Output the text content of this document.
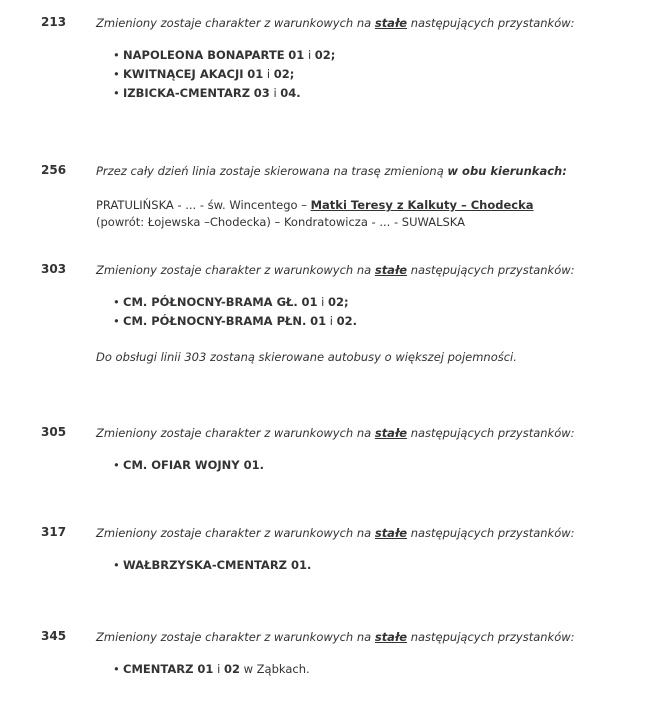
213	Zmieniony zostaje charakter z warunkowych na stałe następujących przystanków:

• NAPOLEONA BONAPARTE 01 i 02;
• KWITNĄCEJ AKACJI 01 i 02;
• IZBICKA-CMENTARZ 03 i 04.
256	Przez cały dzień linia zostaje skierowana na trasę zmienioną w obu kierunkach:

PRATULIŃSKA - ... - św. Wincentego – Matki Teresy z Kalkuty – Chodecka
(powrót: Łojewska –Chodecka) – Kondratowicza - ... - SUWALSKA

303	Zmieniony zostaje charakter z warunkowych na stałe następujących przystanków:

• CM. PÓŁNOCNY-BRAMA GŁ. 01 i 02;
• CM. PÓŁNOCNY-BRAMA PŁN. 01 i 02.

Do obsługi linii 303 zostaną skierowane autobusy o większej pojemności.

305	Zmieniony zostaje charakter z warunkowych na stałe następujących przystanków:

• CM. OFIAR WOJNY 01.
317	Zmieniony zostaje charakter z warunkowych na stałe następujących przystanków:

• WAŁBRZYSKA-CMENTARZ 01.
345	Zmieniony zostaje charakter z warunkowych na stałe następujących przystanków:

• CMENTARZ 01 i 02 w Ząbkach.
